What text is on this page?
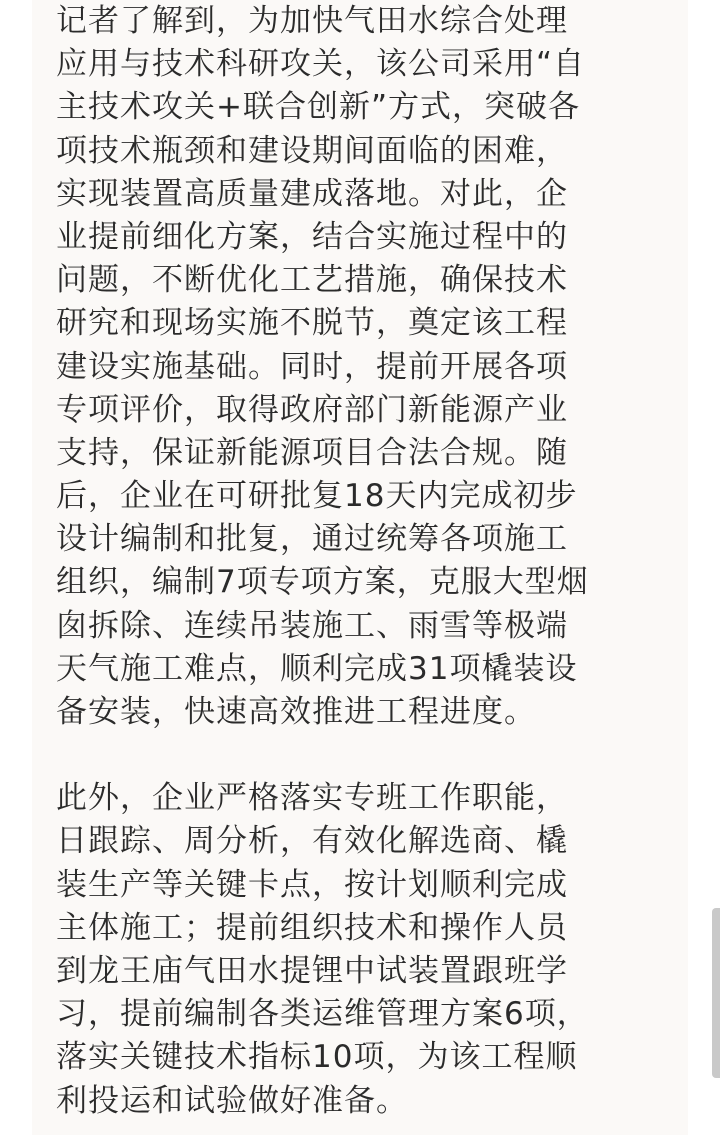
记者了解到，为加快气田水综合处理
应用与技术科研攻关，该公司采用“自
主技术攻关+联合创新”方式，突破各
项技术瓶颈和建设期间面临的困难，
实现装置高质量建成落地。对此，企
业提前细化方案，结合实施过程中的
问题，不断优化工艺措施，确保技术
研究和现场实施不脱节，奠定该工程
建设实施基础。同时，提前开展各项
专项评价，取得政府部门新能源产业
支持，保证新能源项目合法合规。随
后，企业在可研批复18天内完成初步
设计编制和批复，通过统筹各项施工
组织，编制7项专项方案，克服大型烟
囱拆除、连续吊装施工、雨雪等极端
天气施工难点，顺利完成31项橇装设
备安装，快速高效推进工程进度。

此外，企业严格落实专班工作职能，
日跟踪、周分析，有效化解选商、橇
装生产等关键卡点，按计划顺利完成
主体施工；提前组织技术和操作人员
到龙王庙气田水提锂中试装置跟班学
习，提前编制各类运维管理方案6项，
落实关键技术指标10项，为该工程顺
利投运和试验做好准备。
